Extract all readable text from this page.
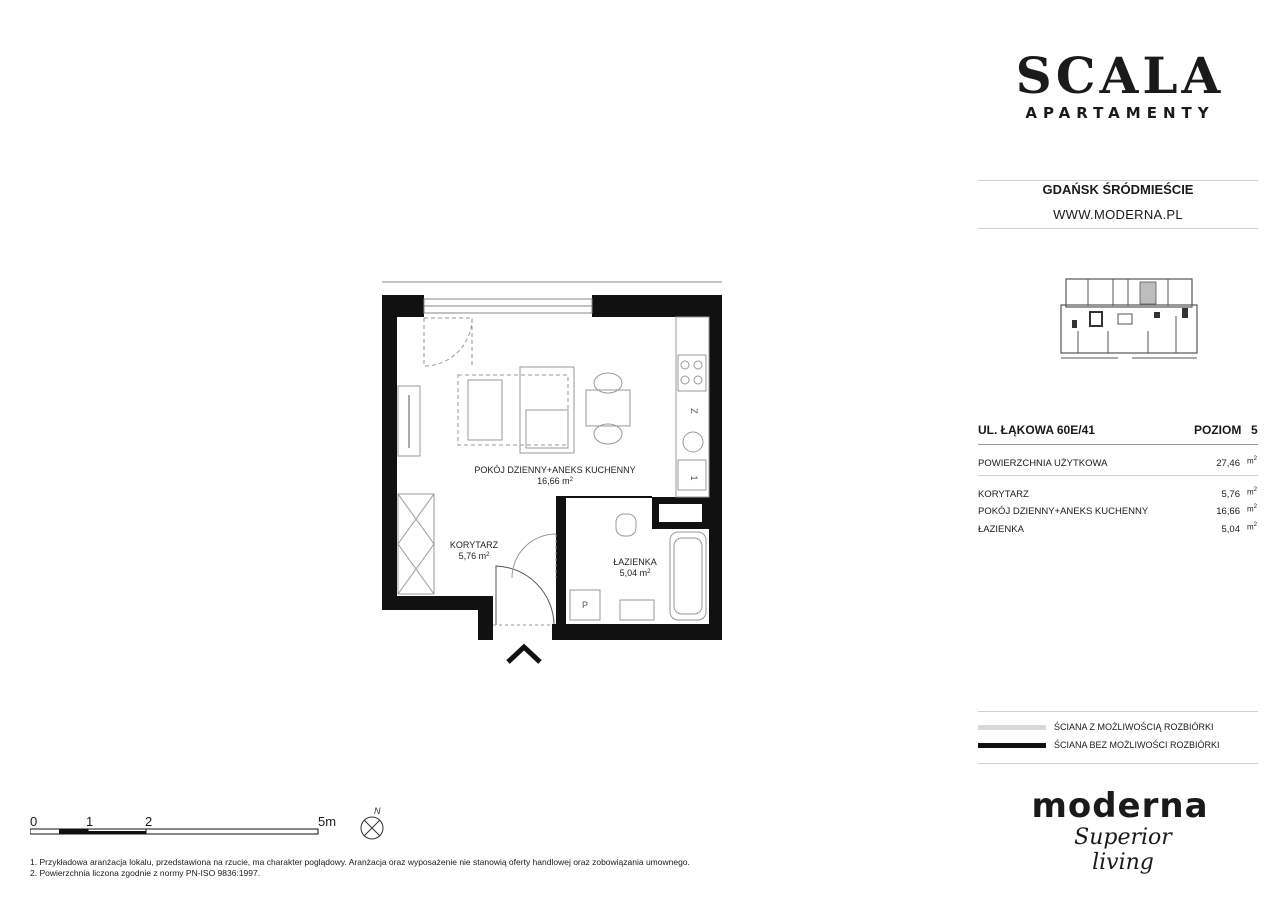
SCALA
APARTAMENTY
GDAŃSK ŚRÓDMIEŚCIE
WWW.MODERNA.PL
UL. ŁĄKOWA 60E/41	POZIOM 5
POWIERZCHNIA UŻYTKOWA	27,46 $m^2$
KORYTARZ	5,76 $m^2$
POKÓJ DZIENNY+ANEKS KUCHENNY	16,66 $m^2$
ŁAZIENKA	5,04 $m^2$
ŚCIANA Z MOŻLIWOŚCIĄ ROZBIÓRKI
ŚCIANA BEZ MOŻLIWOŚCI ROZBIÓRKI
moderna
Superior living
Z
1
P
POKÓJ DZIENNY+ANEKS KUCHENNY
16,66 $m^2$
KORYTARZ
5,76 $m^2$
ŁAZIENKA
5,04 $m^2$
0	1	2	5m
N
1. Przykładowa aranżacja lokalu, przedstawiona na rzucie, ma charakter poglądowy. Aranżacja oraz wyposażenie nie stanowią oferty handlowej oraz zobowiązania umownego.
2. Powierzchnia liczona zgodnie z normy PN-ISO 9836:1997.
